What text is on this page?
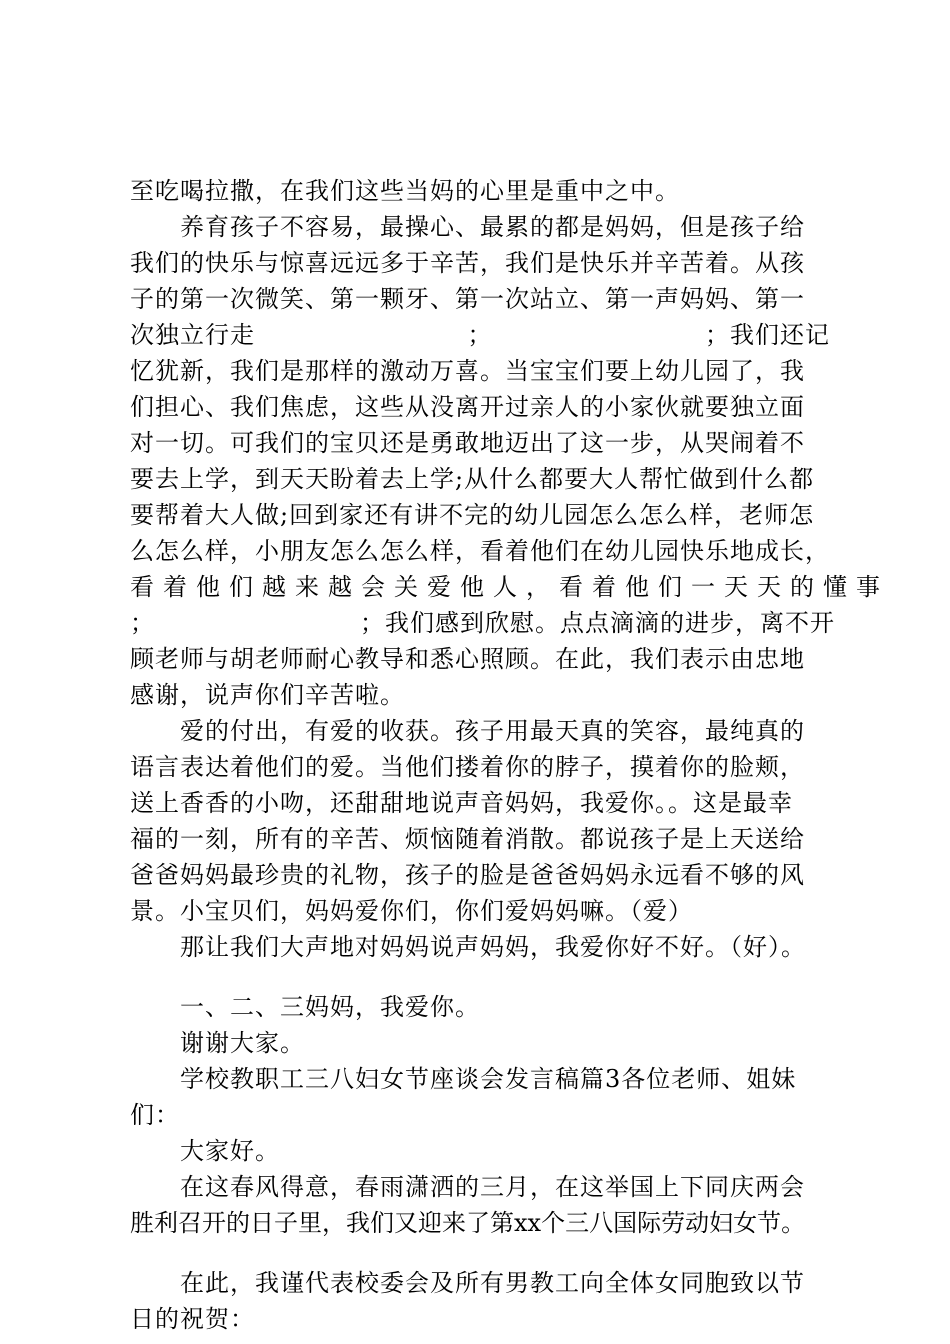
至吃喝拉撒，在我们这些当妈的心里是重中之中。
养育孩子不容易，最操心、最累的都是妈妈，但是孩子给
我们的快乐与惊喜远远多于辛苦，我们是快乐并辛苦着。从孩
子的第一次微笑、第一颗牙、第一次站立、第一声妈妈、第一
次独立行走	；	；我们还记
忆犹新，我们是那样的激动万喜。当宝宝们要上幼儿园了，我
们担心、我们焦虑，这些从没离开过亲人的小家伙就要独立面
对一切。可我们的宝贝还是勇敢地迈出了这一步，从哭闹着不
要去上学，到天天盼着去上学;从什么都要大人帮忙做到什么都
要帮着大人做;回到家还有讲不完的幼儿园怎么怎么样，老师怎
么怎么样，小朋友怎么怎么样，看着他们在幼儿园快乐地成长，
看着他们越来越会关爱他人，看着他们一天天的懂事
；	；我们感到欣慰。点点滴滴的进步，离不开
顾老师与胡老师耐心教导和悉心照顾。在此，我们表示由忠地
感谢，说声你们辛苦啦。
爱的付出，有爱的收获。孩子用最天真的笑容，最纯真的
语言表达着他们的爱。当他们搂着你的脖子，摸着你的脸颊，
送上香香的小吻，还甜甜地说声音妈妈，我爱你。。这是最幸
福的一刻，所有的辛苦、烦恼随着消散。都说孩子是上天送给
爸爸妈妈最珍贵的礼物，孩子的脸是爸爸妈妈永远看不够的风
景。小宝贝们，妈妈爱你们，你们爱妈妈嘛。（爱）
那让我们大声地对妈妈说声妈妈，我爱你好不好。（好）。
一、二、三妈妈，我爱你。
谢谢大家。
学校教职工三八妇女节座谈会发言稿篇3各位老师、姐妹
们：
大家好。
在这春风得意，春雨潇洒的三月，在这举国上下同庆两会
胜利召开的日子里，我们又迎来了第xx个三八国际劳动妇女节。
在此，我谨代表校委会及所有男教工向全体女同胞致以节
日的祝贺：
